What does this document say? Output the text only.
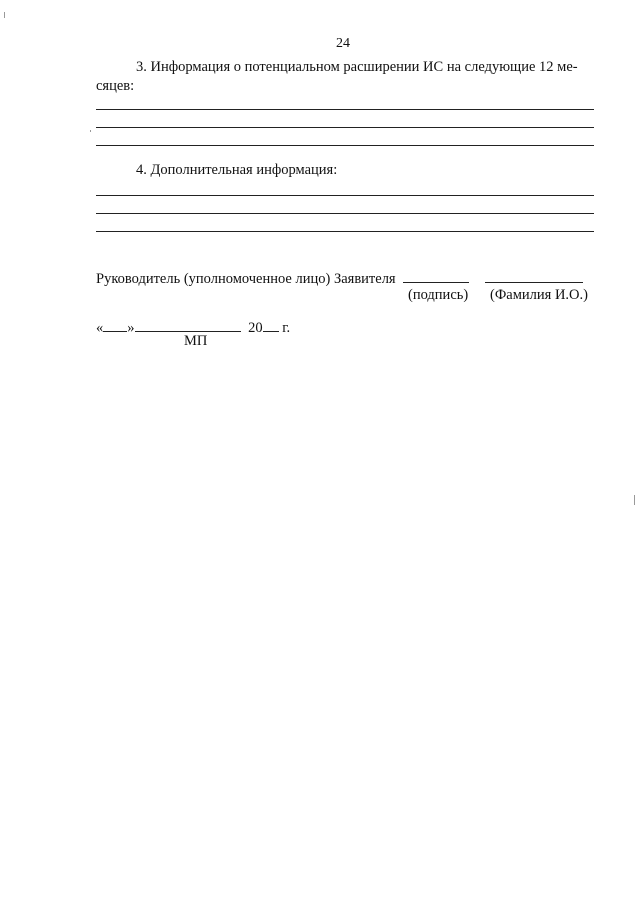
24
3. Информация о потенциальном расширении ИС на следующие 12 ме-
сяцев:
4. Дополнительная информация:
Руководитель (уполномоченное лицо) Заявителя
(подпись) (Фамилия И.О.)
« »	20 г.
МП
